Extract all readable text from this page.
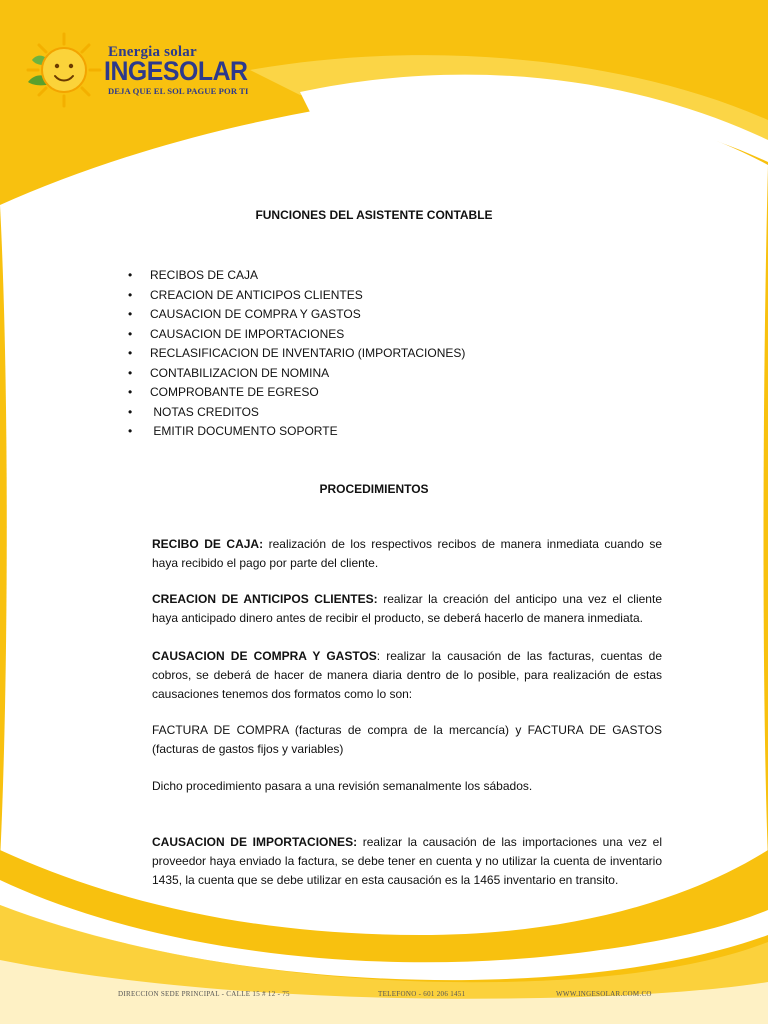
Energia solar
INGESOLAR
DEJA QUE EL SOL PAGUE POR TI
FUNCIONES DEL ASISTENTE CONTABLE
• RECIBOS DE CAJA
• CREACION DE ANTICIPOS CLIENTES
• CAUSACION DE COMPRA Y GASTOS
• CAUSACION DE IMPORTACIONES
• RECLASIFICACION DE INVENTARIO (IMPORTACIONES)
• CONTABILIZACION DE NOMINA
• COMPROBANTE DE EGRESO
• NOTAS CREDITOS
• EMITIR DOCUMENTO SOPORTE
PROCEDIMIENTOS
RECIBO DE CAJA: realización de los respectivos recibos de manera inmediata cuando se haya recibido el pago por parte del cliente.
CREACION DE ANTICIPOS CLIENTES: realizar la creación del anticipo una vez el cliente haya anticipado dinero antes de recibir el producto, se deberá hacerlo de manera inmediata.
CAUSACION DE COMPRA Y GASTOS: realizar la causación de las facturas, cuentas de cobros, se deberá de hacer de manera diaria dentro de lo posible, para realización de estas causaciones tenemos dos formatos como lo son:
FACTURA DE COMPRA (facturas de compra de la mercancía) y FACTURA DE GASTOS (facturas de gastos fijos y variables)
Dicho procedimiento pasara a una revisión semanalmente los sábados.
CAUSACION DE IMPORTACIONES: realizar la causación de las importaciones una vez el proveedor haya enviado la factura, se debe tener en cuenta y no utilizar la cuenta de inventario 1435, la cuenta que se debe utilizar en esta causación es la 1465 inventario en transito.
DIRECCION SEDE PRINCIPAL - CALLE 15 # 12 - 75	TELEFONO - 601 206 1451	WWW.INGESOLAR.COM.CO
